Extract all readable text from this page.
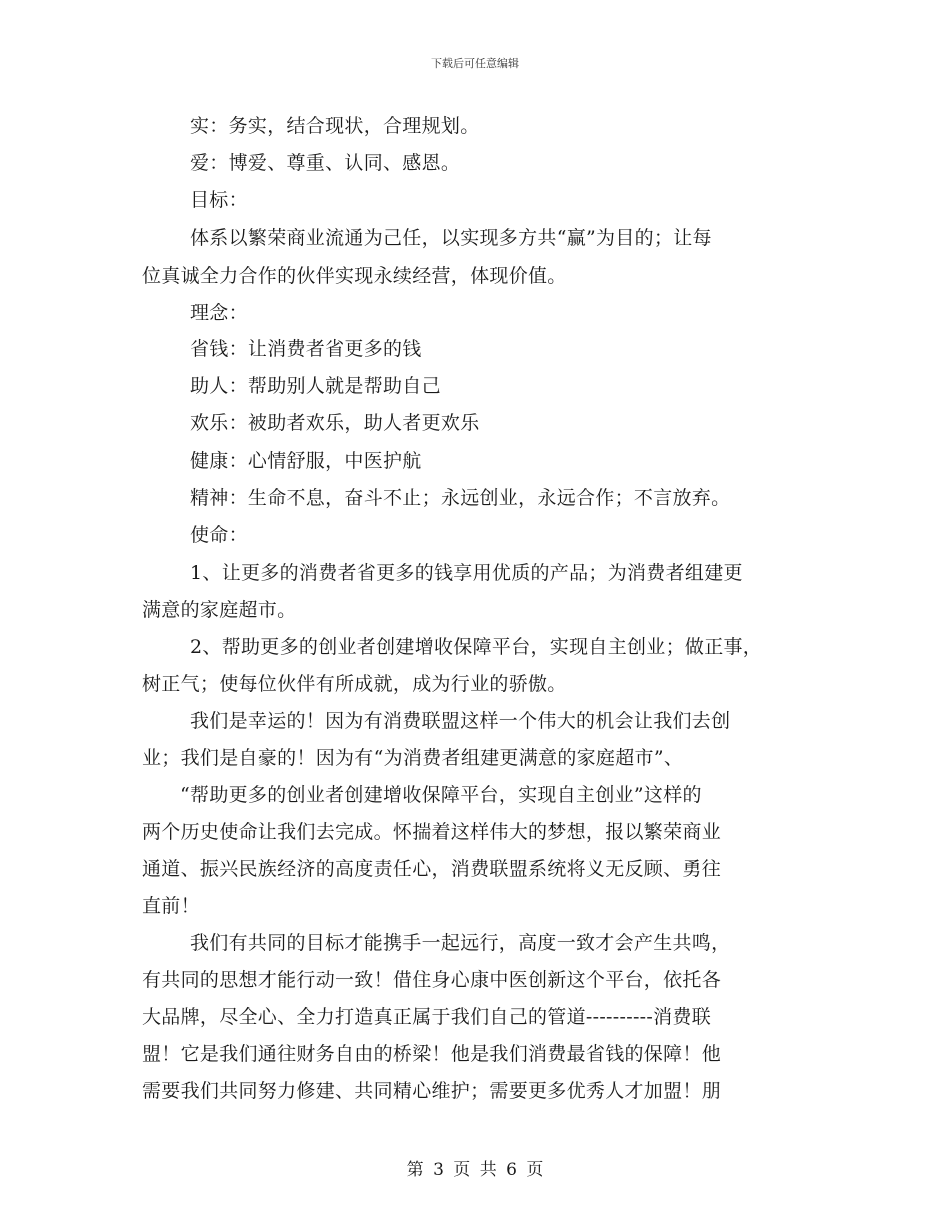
下载后可任意编辑
实：务实，结合现状，合理规划。
爱：博爱、尊重、认同、感恩。
目标：
体系以繁荣商业流通为己任，以实现多方共“赢”为目的；让每
位真诚全力合作的伙伴实现永续经营，体现价值。
理念：
省钱：让消费者省更多的钱
助人：帮助别人就是帮助自己
欢乐：被助者欢乐，助人者更欢乐
健康：心情舒服，中医护航
精神：生命不息，奋斗不止；永远创业，永远合作；不言放弃。
使命：
1、让更多的消费者省更多的钱享用优质的产品；为消费者组建更
满意的家庭超市。
2、帮助更多的创业者创建增收保障平台，实现自主创业；做正事，
树正气；使每位伙伴有所成就，成为行业的骄傲。
我们是幸运的！因为有消费联盟这样一个伟大的机会让我们去创
业；我们是自豪的！因为有“为消费者组建更满意的家庭超市”、
“帮助更多的创业者创建增收保障平台，实现自主创业”这样的
两个历史使命让我们去完成。怀揣着这样伟大的梦想，报以繁荣商业
通道、振兴民族经济的高度责任心，消费联盟系统将义无反顾、勇往
直前！
我们有共同的目标才能携手一起远行，高度一致才会产生共鸣，
有共同的思想才能行动一致！借住身心康中医创新这个平台，依托各
大品牌，尽全心、全力打造真正属于我们自己的管道----------消费联
盟！它是我们通往财务自由的桥梁！他是我们消费最省钱的保障！他
需要我们共同努力修建、共同精心维护；需要更多优秀人才加盟！朋
第 3 页 共 6 页
